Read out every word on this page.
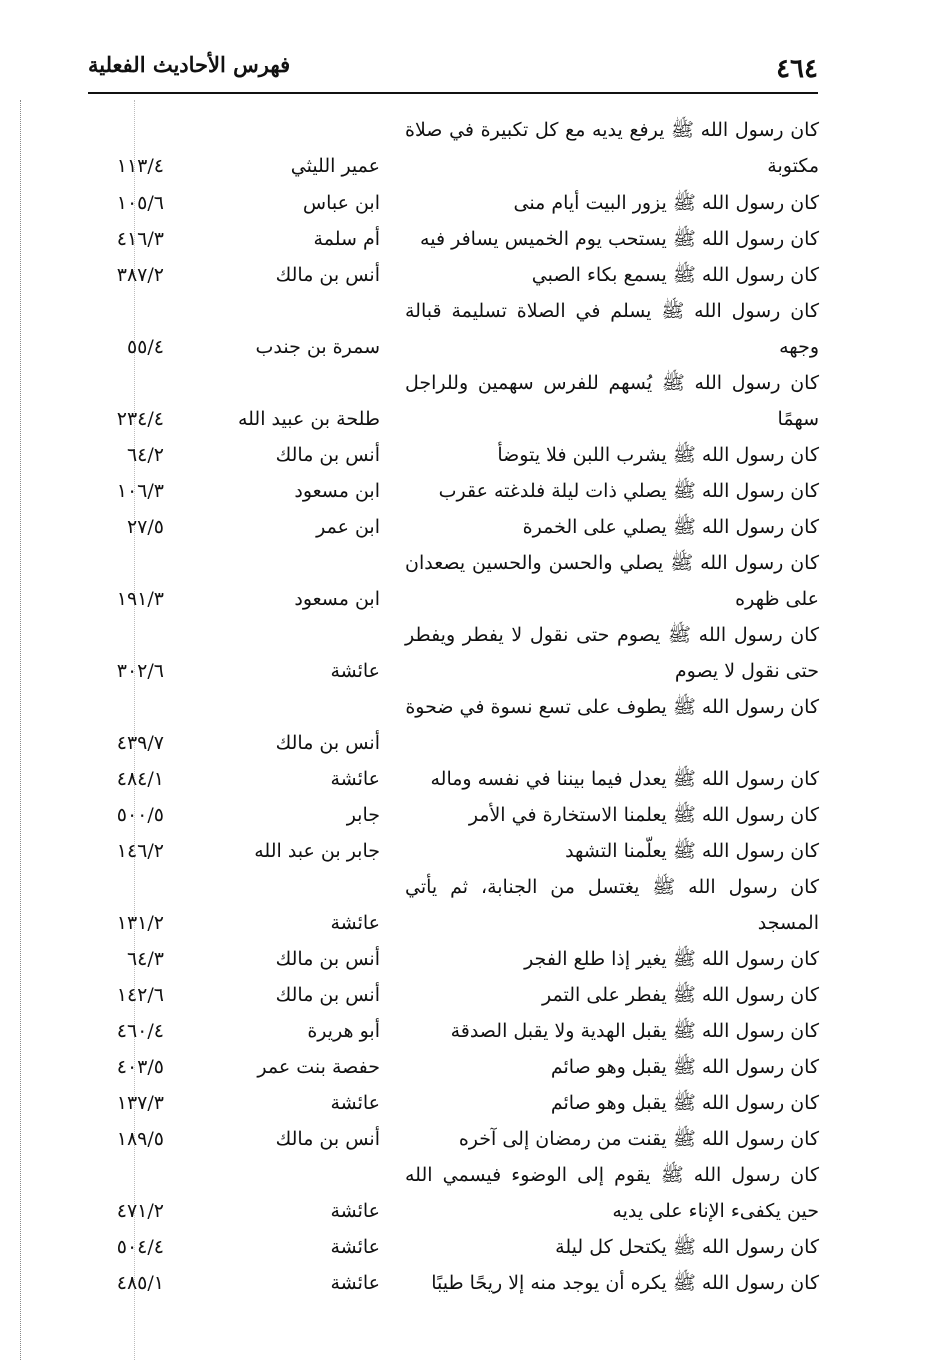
٤٦٤
فهرس الأحاديث الفعلية
كان رسول الله ﷺ يرفع يديه مع كل تكبيرة في صلاة مكتوبة
عمير الليثي
١١٣/٤
كان رسول الله ﷺ يزور البيت أيام منى
ابن عباس
١٠٥/٦
كان رسول الله ﷺ يستحب يوم الخميس يسافر فيه
أم سلمة
٤١٦/٣
كان رسول الله ﷺ يسمع بكاء الصبي
أنس بن مالك
٣٨٧/٢
كان رسول الله ﷺ يسلم في الصلاة تسليمة قبالة وجهه
سمرة بن جندب
٥٥/٤
كان رسول الله ﷺ يُسهم للفرس سهمين وللراجل سهمًا
طلحة بن عبيد الله
٢٣٤/٤
كان رسول الله ﷺ يشرب اللبن فلا يتوضأ
أنس بن مالك
٦٤/٢
كان رسول الله ﷺ يصلي ذات ليلة فلدغته عقرب
ابن مسعود
١٠٦/٣
كان رسول الله ﷺ يصلي على الخمرة
ابن عمر
٢٧/٥
كان رسول الله ﷺ يصلي والحسن والحسين يصعدان على ظهره
ابن مسعود
١٩١/٣
كان رسول الله ﷺ يصوم حتى نقول لا يفطر ويفطر حتى نقول لا يصوم
عائشة
٣٠٢/٦
كان رسول الله ﷺ يطوف على تسع نسوة في ضحوة
أنس بن مالك
٤٣٩/٧
كان رسول الله ﷺ يعدل فيما بيننا في نفسه وماله
عائشة
٤٨٤/١
كان رسول الله ﷺ يعلمنا الاستخارة في الأمر
جابر
٥٠٠/٥
كان رسول الله ﷺ يعلّمنا التشهد
جابر بن عبد الله
١٤٦/٢
كان رسول الله ﷺ يغتسل من الجنابة، ثم يأتي المسجد
عائشة
١٣١/٢
كان رسول الله ﷺ يغير إذا طلع الفجر
أنس بن مالك
٦٤/٣
كان رسول الله ﷺ يفطر على التمر
أنس بن مالك
١٤٢/٦
كان رسول الله ﷺ يقبل الهدية ولا يقبل الصدقة
أبو هريرة
٤٦٠/٤
كان رسول الله ﷺ يقبل وهو صائم
حفصة بنت عمر
٤٠٣/٥
كان رسول الله ﷺ يقبل وهو صائم
عائشة
١٣٧/٣
كان رسول الله ﷺ يقنت من رمضان إلى آخره
أنس بن مالك
١٨٩/٥
كان رسول الله ﷺ يقوم إلى الوضوء فيسمي الله حين يكفىء الإناء على يديه
عائشة
٤٧١/٢
كان رسول الله ﷺ يكتحل كل ليلة
عائشة
٥٠٤/٤
كان رسول الله ﷺ يكره أن يوجد منه إلا ريحًا طيبًا
عائشة
٤٨٥/١
